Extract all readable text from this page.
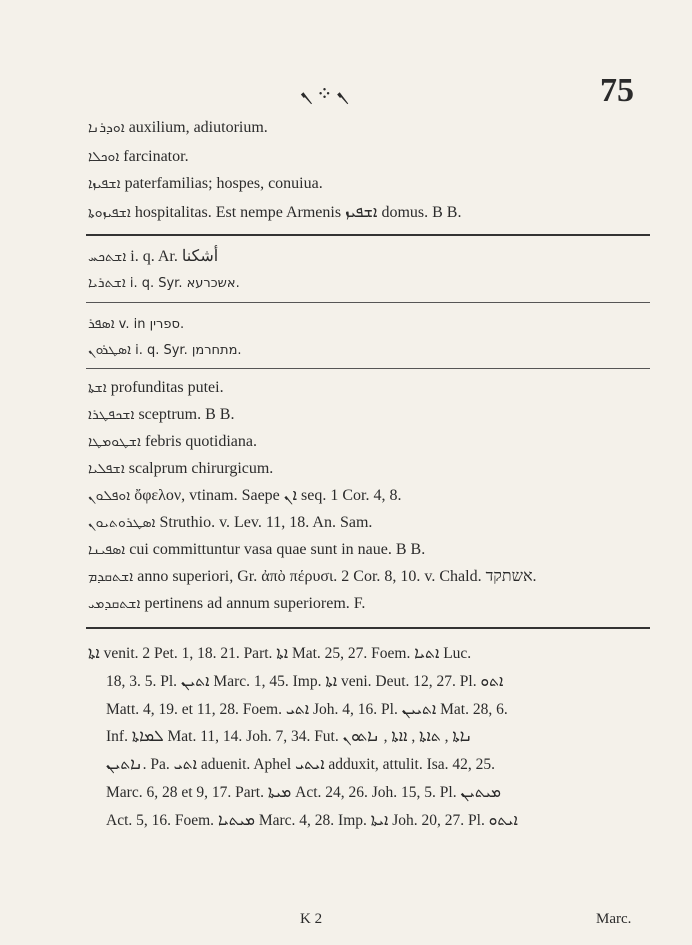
ܢ ܀ ܢ	75
ܐܘܕܪܢܐ auxilium, adiutorium.
ܐܘܟܠܐ farcinator.
ܐܫܦܝܙܐ paterfamilias; hospes, conuiua.
ܐܫܦܝܙܘܬܐ hospitalitas. Est nempe Armenis ܐܫܦܝܙ domus. B B.
ܐܫܬܟܚ i. q. Ar. أشكنا
ܐܫܬܪܝܐ i. q. Syr. אשכרעא.
ܐܣܦܪ v. in ספרין.
ܐܣܛܪܘܢ i. q. Syr. מתחרמן.
ܐܫܬܐ profunditas putei.
ܐܫܟܦܛܪܐ sceptrum. B B.
ܐܫܛܘܡܛܐ febris quotidiana.
ܐܫܦܠܝܐ scalprum chirurgicum.
ܐܘܦܠܘܢ ὄφελον, vtinam. Saepe ܐܢ seq. 1 Cor. 4, 8.
ܐܣܛܪܘܬܝܘܢ Struthio. v. Lev. 11, 18. An. Sam.
ܐܣܦܝܢܐ cui committuntur vasa quae sunt in naue. B B.
ܐܫܬܩܕܡ anno superiori, Gr. ἀπὸ πέρυσι. 2 Cor. 8, 10. v. Chald. אשתקד.
ܐܫܬܩܕܡܝ pertinens ad annum superiorem. F.
ܐܬܐ venit. 2 Pet. 1, 18. 21. Part. ܐܬܐ Mat. 25, 27. Foem. ܐܬܝܐ Luc.
18, 3. 5. Pl. ܐܬܝܢ Marc. 1, 45. Imp. ܐܬܐ veni. Deut. 12, 27. Pl. ܐܬܘ
Matt. 4, 19. et 11, 28. Foem. ܐܬܝ Joh. 4, 16. Pl. ܐܬܝܝܢ Mat. 28, 6.
Inf. ܠܡܐܬܐ Mat. 11, 14. Joh. 7, 34. Fut. ܢܐܬܐ , ܬܐܬܐ , ܐܐܬܐ , ܢܐܬܘܢ
ܢܐܬܝܢ. Pa. ܐܬܝ aduenit. Aphel ܐܝܬܝ adduxit, attulit. Isa. 42, 25.
Marc. 6, 28 et 9, 17. Part. ܡܝܬܐ Act. 24, 26. Joh. 15, 5. Pl. ܡܝܬܝܢ
Act. 5, 16. Foem. ܡܝܬܝܐ Marc. 4, 28. Imp. ܐܝܬܐ Joh. 20, 27. Pl. ܐܝܬܘ
K 2	Marc.
